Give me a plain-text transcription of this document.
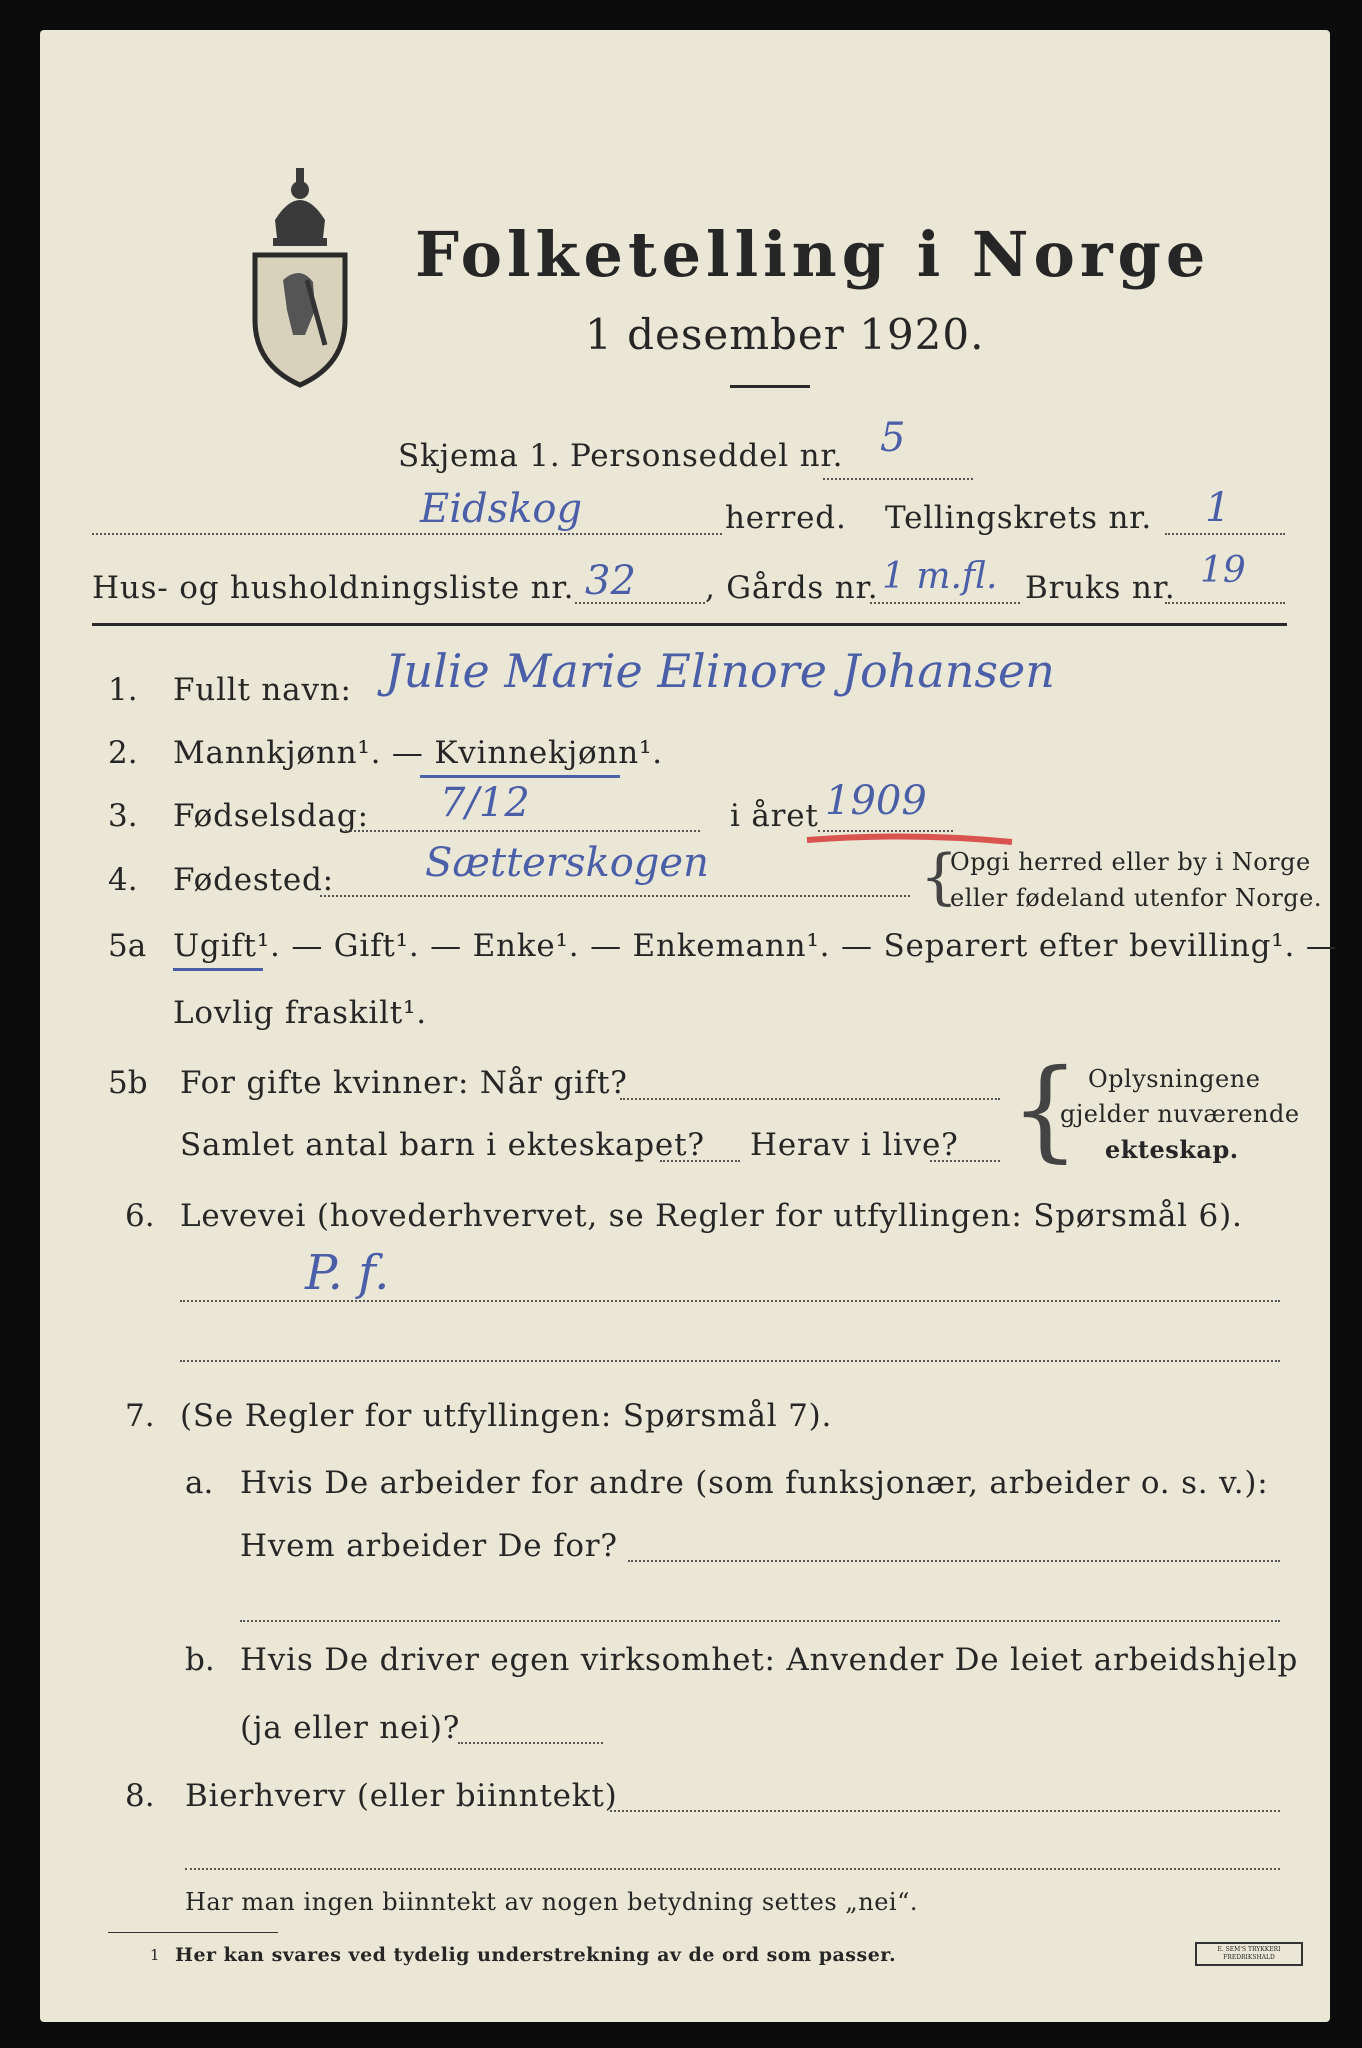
Folketelling i Norge
1 desember 1920.
Skjema 1. Personseddel nr. 5
Eidskog	herred. Tellingskrets nr. 1
Hus- og husholdningsliste nr. 32 , Gårds nr. 1 m.fl. Bruks nr. 19
1. Fullt navn: Julie Marie Elinore Johansen
2. Mannkjønn¹. — Kvinnekjønn¹.
3. Fødselsdag: 7/12	i året 1909
4. Fødested: Sætterskogen	{
Opgi herred eller by i Norge
eller fødeland utenfor Norge.
5a Ugift¹. — Gift¹. — Enke¹. — Enkemann¹. — Separert efter bevilling¹. —
Lovlig fraskilt¹.
5b For gifte kvinner: Når gift?
Samlet antal barn i ekteskapet? Herav i live? { Oplysningene
gjelder nuværende
ekteskap.
6. Levevei (hovederhvervet, se Regler for utfyllingen: Spørsmål 6).
P. f.
7. (Se Regler for utfyllingen: Spørsmål 7).
a. Hvis De arbeider for andre (som funksjonær, arbeider o. s. v.):
Hvem arbeider De for?
b. Hvis De driver egen virksomhet: Anvender De leiet arbeidshjelp
(ja eller nei)?
8. Bierhverv (eller biinntekt)
Har man ingen biinntekt av nogen betydning settes „nei“.
1 Her kan svares ved tydelig understrekning av de ord som passer.	E. SEM'S TRYKKERI FREDRIKSHALD
